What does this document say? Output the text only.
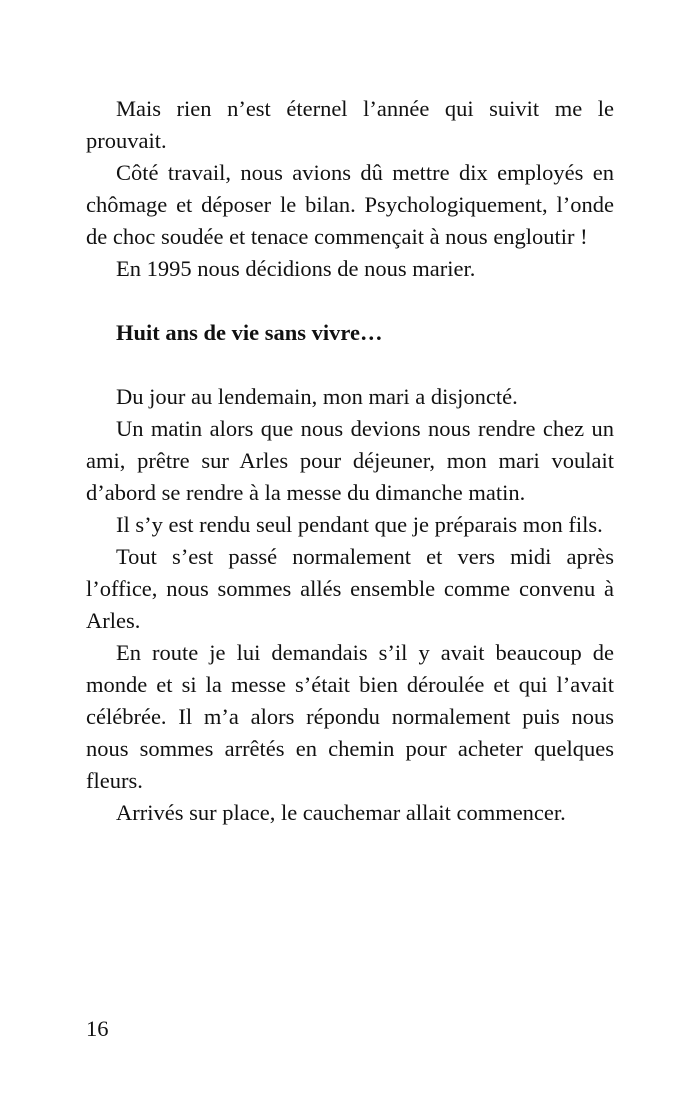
Mais rien n’est éternel l’année qui suivit me le prouvait.

Côté travail, nous avions dû mettre dix employés en chômage et déposer le bilan. Psychologiquement, l’onde de choc soudée et tenace commençait à nous engloutir !

En 1995 nous décidions de nous marier.

Huit ans de vie sans vivre…

Du jour au lendemain, mon mari a disjoncté.

Un matin alors que nous devions nous rendre chez un ami, prêtre sur Arles pour déjeuner, mon mari voulait d’abord se rendre à la messe du dimanche matin.

Il s’y est rendu seul pendant que je préparais mon fils.

Tout s’est passé normalement et vers midi après l’office, nous sommes allés ensemble comme convenu à Arles.

En route je lui demandais s’il y avait beaucoup de monde et si la messe s’était bien déroulée et qui l’avait célébrée. Il m’a alors répondu normalement puis nous nous sommes arrêtés en chemin pour acheter quelques fleurs.

Arrivés sur place, le cauchemar allait commencer.

16
